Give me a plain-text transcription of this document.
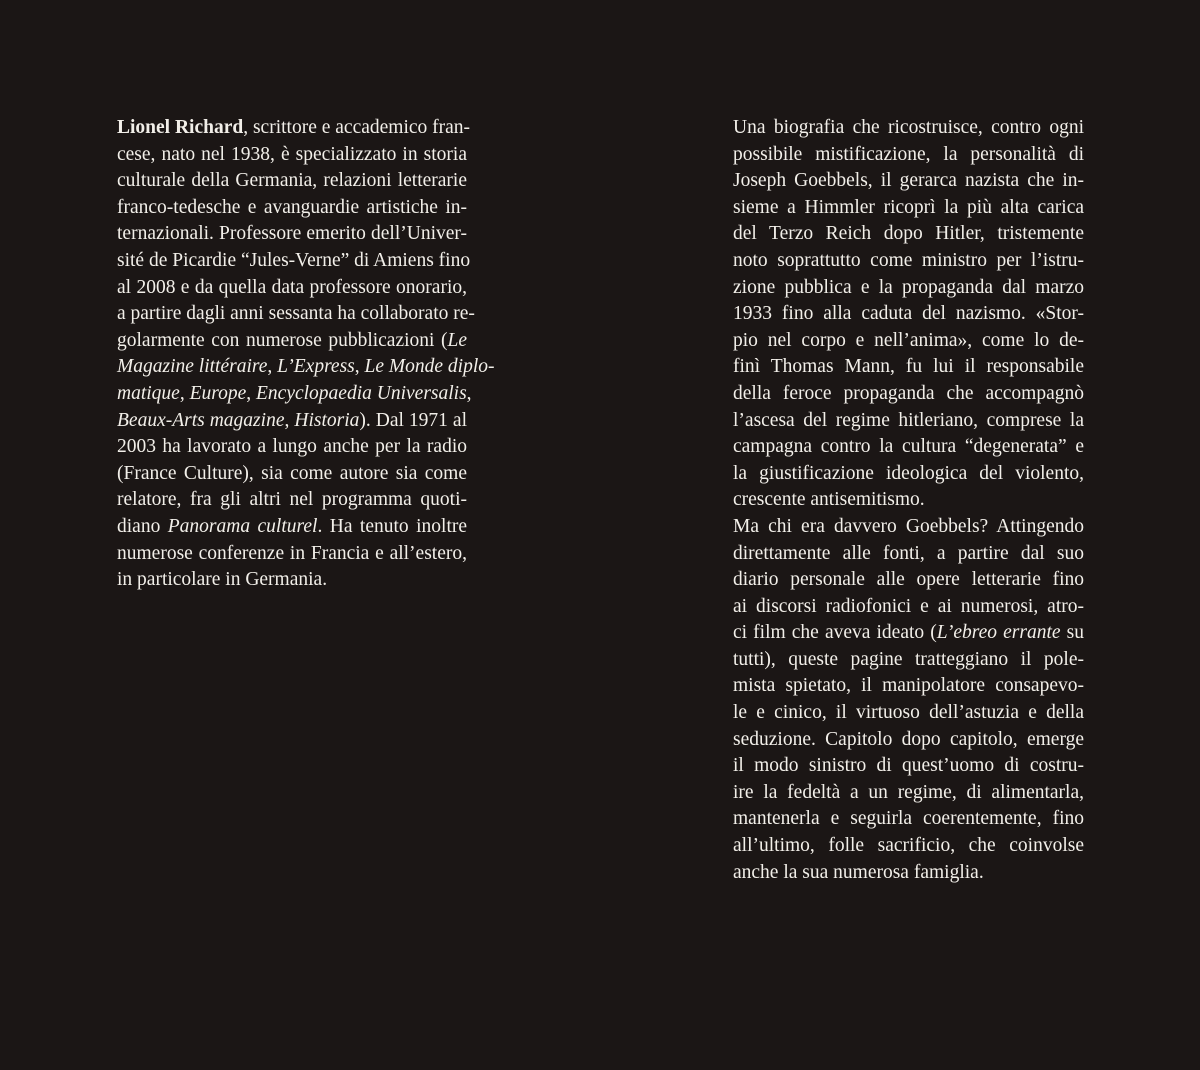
Lionel Richard, scrittore e accademico fran-
cese, nato nel 1938, è specializzato in storia
culturale della Germania, relazioni letterarie
franco-tedesche e avanguardie artistiche in-
ternazionali. Professore emerito dell’Univer-
sité de Picardie “Jules-Verne” di Amiens fino
al 2008 e da quella data professore onorario,
a partire dagli anni sessanta ha collaborato re-
golarmente con numerose pubblicazioni (Le
Magazine littéraire, L’Express, Le Monde diplo-
matique, Europe, Encyclopaedia Universalis,
Beaux-Arts magazine, Historia). Dal 1971 al
2003 ha lavorato a lungo anche per la radio
(France Culture), sia come autore sia come
relatore, fra gli altri nel programma quoti-
diano Panorama culturel. Ha tenuto inoltre
numerose conferenze in Francia e all’estero,
in particolare in Germania.
Una biografia che ricostruisce, contro ogni
possibile mistificazione, la personalità di
Joseph Goebbels, il gerarca nazista che in-
sieme a Himmler ricoprì la più alta carica
del Terzo Reich dopo Hitler, tristemente
noto soprattutto come ministro per l’istru-
zione pubblica e la propaganda dal marzo
1933 fino alla caduta del nazismo. «Stor-
pio nel corpo e nell’anima», come lo de-
finì Thomas Mann, fu lui il responsabile
della feroce propaganda che accompagnò
l’ascesa del regime hitleriano, comprese la
campagna contro la cultura “degenerata” e
la giustificazione ideologica del violento,
crescente antisemitismo.
Ma chi era davvero Goebbels? Attingendo
direttamente alle fonti, a partire dal suo
diario personale alle opere letterarie fino
ai discorsi radiofonici e ai numerosi, atro-
ci film che aveva ideato (L’ebreo errante su
tutti), queste pagine tratteggiano il pole-
mista spietato, il manipolatore consapevo-
le e cinico, il virtuoso dell’astuzia e della
seduzione. Capitolo dopo capitolo, emerge
il modo sinistro di quest’uomo di costru-
ire la fedeltà a un regime, di alimentarla,
mantenerla e seguirla coerentemente, fino
all’ultimo, folle sacrificio, che coinvolse
anche la sua numerosa famiglia.
